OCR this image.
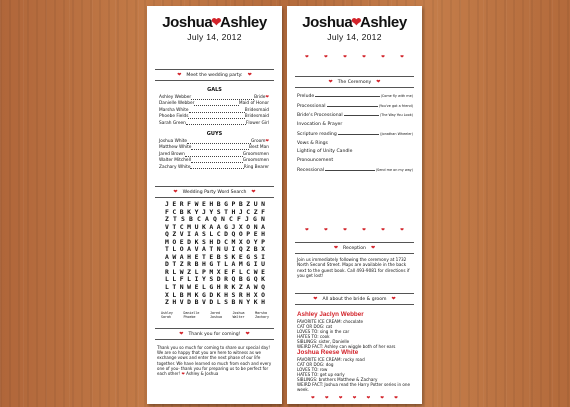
Joshua❤Ashley
July 14, 2012
❤ Meet the wedding party: ❤
GALS
Ashley Webber	Bride ❤
Danielle Webber	Maid of Honor
Marsha White	Bridesmaid
Phoebe Fields	Bridesmaid
Sarah Green	Flower Girl
GUYS
Joshua White	Groom ❤
Matthew White	Best Man
Jared Brown	Groomsmen
Walter Mitchell	Groomsmen
Zachary White	Ring Bearer
❤ Wedding Party Word Search ❤
J E R F W E H B G P B Z U N
F C B K Y J Y S T H J C Z F
Z T S B C A Q N C F J G N
V T C M U K A A G J X O N A
Q Z V I A S L C D Q O P E H
M O E D K S H D C M X O Y P
T L O A V A T N U I Q Z B X
A W A H E T E B S K E G S I
D T Z R B H G T L A M G I U
R L W Z L P M X E F L C W E
L L F L I Y S D R Q B G Q K
L T N W E L G H R K Z A W Q
X L B M K G D K H S R H X O
Z H V D B V D L S B N Y K H
Ashley
Sarah
Danielle
Phoebe
Jared
Joshua
Joshua
Walter
Marsha
Zachary
❤ Thank you for coming! ❤
Thank you so much for coming to share our special day! We are so happy that you are here to witness as we exchange vows and enter the next phase of our life together. We have learned so much from each and every one of you- thank you for preparing us to be perfect for each other! ❤ Ashley & Joshua
Joshua❤Ashley
July 14, 2012
❤	❤	❤	❤	❤	❤
❤ The Ceremony ❤
Prelude	(Come fly with me)
Processional	(You've got a friend)
Bride's Processional	(The Way You Look)
Invocation & Prayer
Scripture reading	(Jonathan Wheeler)
Vows & Rings
Lighting of Unity Candle
Pronouncement
Recessional	(Send me on my way)
❤	❤	❤	❤	❤	❤
❤ Reception ❤
Join us immediately following the ceremony at 1732 North Second Street. Maps are available in the back next to the guest book. Call 493-9081 for directions if you get lost!
❤ All about the bride & groom ❤
Ashley Jaclyn Webber
FAVORITE ICE CREAM: chocolate
CAT OR DOG: cat
LOVES TO: sing in the car
HATES TO: cook
SIBLINGS: sister, Danielle
WEIRD FACT: Ashley can wiggle both of her ears
Joshua Reese White
FAVORITE ICE CREAM: rocky road
CAT OR DOG: dog
LOVES TO: row
HATES TO: get up early
SIBLINGS: brothers Matthew & Zachary
WEIRD FACT: Joshua read the Harry Potter series in one week.
❤ ❤ ❤ ❤ ❤ ❤ ❤
